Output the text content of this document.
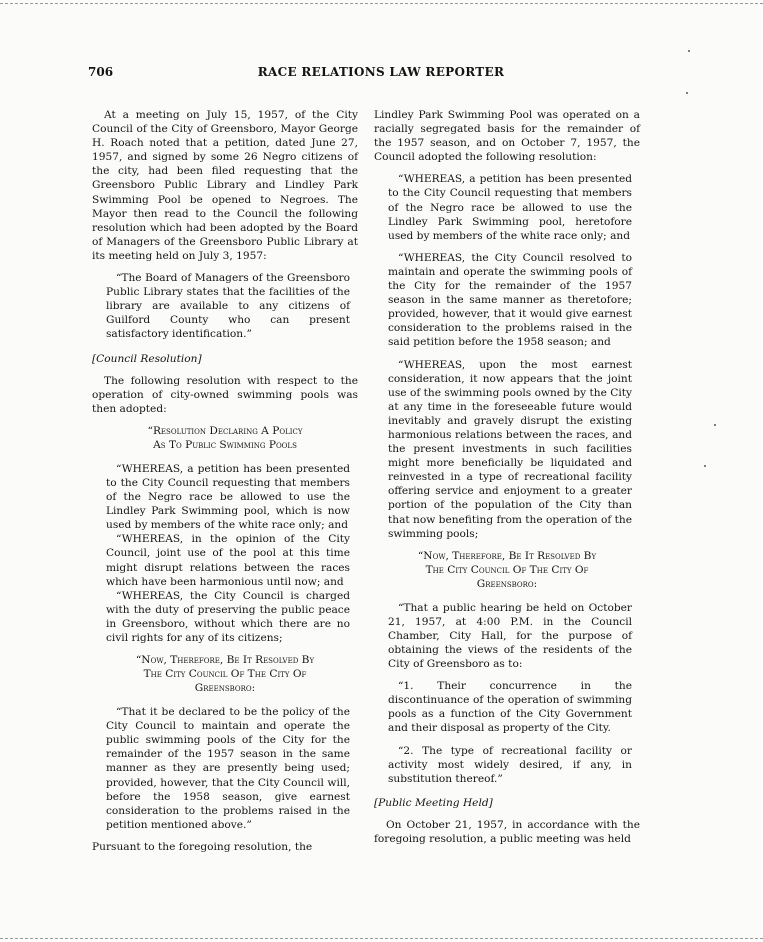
706	RACE RELATIONS LAW REPORTER

At a meeting on July 15, 1957, of the City Council of the City of Greensboro, Mayor George H. Roach noted that a petition, dated June 27, 1957, and signed by some 26 Negro citizens of the city, had been filed requesting that the Greensboro Public Library and Lindley Park Swimming Pool be opened to Negroes. The Mayor then read to the Council the following resolution which had been adopted by the Board of Managers of the Greensboro Public Library at its meeting held on July 3, 1957:

“The Board of Managers of the Greensboro Public Library states that the facilities of the library are available to any citizens of Guilford County who can present satisfactory identification.”

[Council Resolution]

The following resolution with respect to the operation of city-owned swimming pools was then adopted:

“Resolution Declaring A Policy
As To Public Swimming Pools

“WHEREAS, a petition has been presented to the City Council requesting that members of the Negro race be allowed to use the Lindley Park Swimming pool, which is now used by members of the white race only; and

“WHEREAS, in the opinion of the City Council, joint use of the pool at this time might disrupt relations between the races which have been harmonious until now; and

“WHEREAS, the City Council is charged with the duty of preserving the public peace in Greensboro, without which there are no civil rights for any of its citizens;

“Now, Therefore, Be It Resolved By
The City Council Of The City Of
Greensboro:

“That it be declared to be the policy of the City Council to maintain and operate the public swimming pools of the City for the remainder of the 1957 season in the same manner as they are presently being used; provided, however, that the City Council will, before the 1958 season, give earnest consideration to the problems raised in the petition mentioned above.”

Pursuant to the foregoing resolution, the

Lindley Park Swimming Pool was operated on a racially segregated basis for the remainder of the 1957 season, and on October 7, 1957, the Council adopted the following resolution:

“WHEREAS, a petition has been presented to the City Council requesting that members of the Negro race be allowed to use the Lindley Park Swimming pool, heretofore used by members of the white race only; and

“WHEREAS, the City Council resolved to maintain and operate the swimming pools of the City for the remainder of the 1957 season in the same manner as theretofore; provided, however, that it would give earnest consideration to the problems raised in the said petition before the 1958 season; and

“WHEREAS, upon the most earnest consideration, it now appears that the joint use of the swimming pools owned by the City at any time in the foreseeable future would inevitably and gravely disrupt the existing harmonious relations between the races, and the present investments in such facilities might more beneficially be liquidated and reinvested in a type of recreational facility offering service and enjoyment to a greater portion of the population of the City than that now benefiting from the operation of the swimming pools;

“Now, Therefore, Be It Resolved By
The City Council Of The City Of
Greensboro:

“That a public hearing be held on October 21, 1957, at 4:00 P.M. in the Council Chamber, City Hall, for the purpose of obtaining the views of the residents of the City of Greensboro as to:

“1. Their concurrence in the discontinuance of the operation of swimming pools as a function of the City Government and their disposal as property of the City.

“2. The type of recreational facility or activity most widely desired, if any, in substitution thereof.”

[Public Meeting Held]

On October 21, 1957, in accordance with the foregoing resolution, a public meeting was held
